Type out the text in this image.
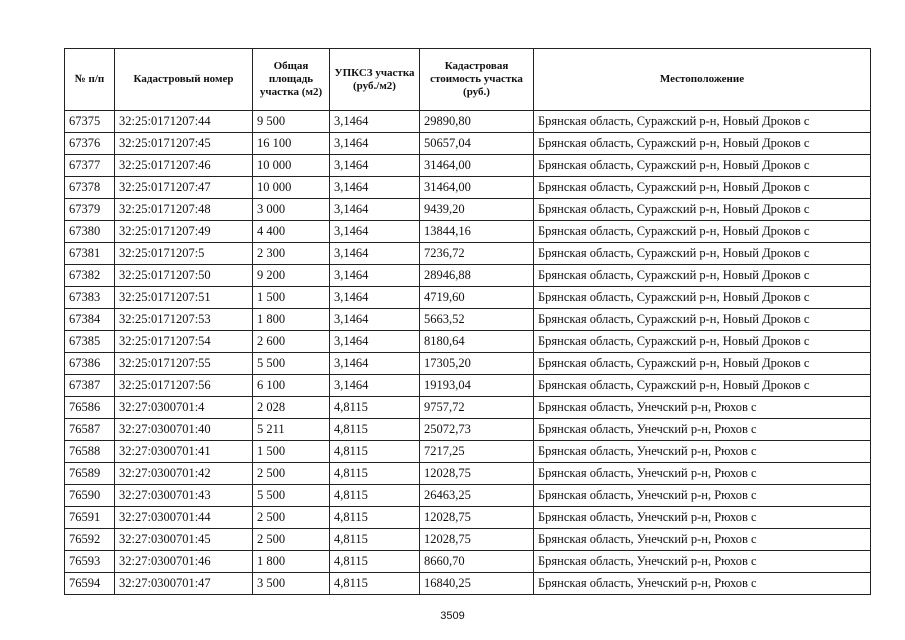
№ п/п	Кадастровый номер	Общая площадь участка (м2)	УПКСЗ участка (руб./м2)	Кадастровая стоимость участка (руб.)	Местоположение
67375	32:25:0171207:44	9 500	3,1464	29890,80	Брянская область, Суражский р-н, Новый Дроков с
67376	32:25:0171207:45	16 100	3,1464	50657,04	Брянская область, Суражский р-н, Новый Дроков с
67377	32:25:0171207:46	10 000	3,1464	31464,00	Брянская область, Суражский р-н, Новый Дроков с
67378	32:25:0171207:47	10 000	3,1464	31464,00	Брянская область, Суражский р-н, Новый Дроков с
67379	32:25:0171207:48	3 000	3,1464	9439,20	Брянская область, Суражский р-н, Новый Дроков с
67380	32:25:0171207:49	4 400	3,1464	13844,16	Брянская область, Суражский р-н, Новый Дроков с
67381	32:25:0171207:5	2 300	3,1464	7236,72	Брянская область, Суражский р-н, Новый Дроков с
67382	32:25:0171207:50	9 200	3,1464	28946,88	Брянская область, Суражский р-н, Новый Дроков с
67383	32:25:0171207:51	1 500	3,1464	4719,60	Брянская область, Суражский р-н, Новый Дроков с
67384	32:25:0171207:53	1 800	3,1464	5663,52	Брянская область, Суражский р-н, Новый Дроков с
67385	32:25:0171207:54	2 600	3,1464	8180,64	Брянская область, Суражский р-н, Новый Дроков с
67386	32:25:0171207:55	5 500	3,1464	17305,20	Брянская область, Суражский р-н, Новый Дроков с
67387	32:25:0171207:56	6 100	3,1464	19193,04	Брянская область, Суражский р-н, Новый Дроков с
76586	32:27:0300701:4	2 028	4,8115	9757,72	Брянская область, Унечский р-н, Рюхов с
76587	32:27:0300701:40	5 211	4,8115	25072,73	Брянская область, Унечский р-н, Рюхов с
76588	32:27:0300701:41	1 500	4,8115	7217,25	Брянская область, Унечский р-н, Рюхов с
76589	32:27:0300701:42	2 500	4,8115	12028,75	Брянская область, Унечский р-н, Рюхов с
76590	32:27:0300701:43	5 500	4,8115	26463,25	Брянская область, Унечский р-н, Рюхов с
76591	32:27:0300701:44	2 500	4,8115	12028,75	Брянская область, Унечский р-н, Рюхов с
76592	32:27:0300701:45	2 500	4,8115	12028,75	Брянская область, Унечский р-н, Рюхов с
76593	32:27:0300701:46	1 800	4,8115	8660,70	Брянская область, Унечский р-н, Рюхов с
76594	32:27:0300701:47	3 500	4,8115	16840,25	Брянская область, Унечский р-н, Рюхов с
3509
